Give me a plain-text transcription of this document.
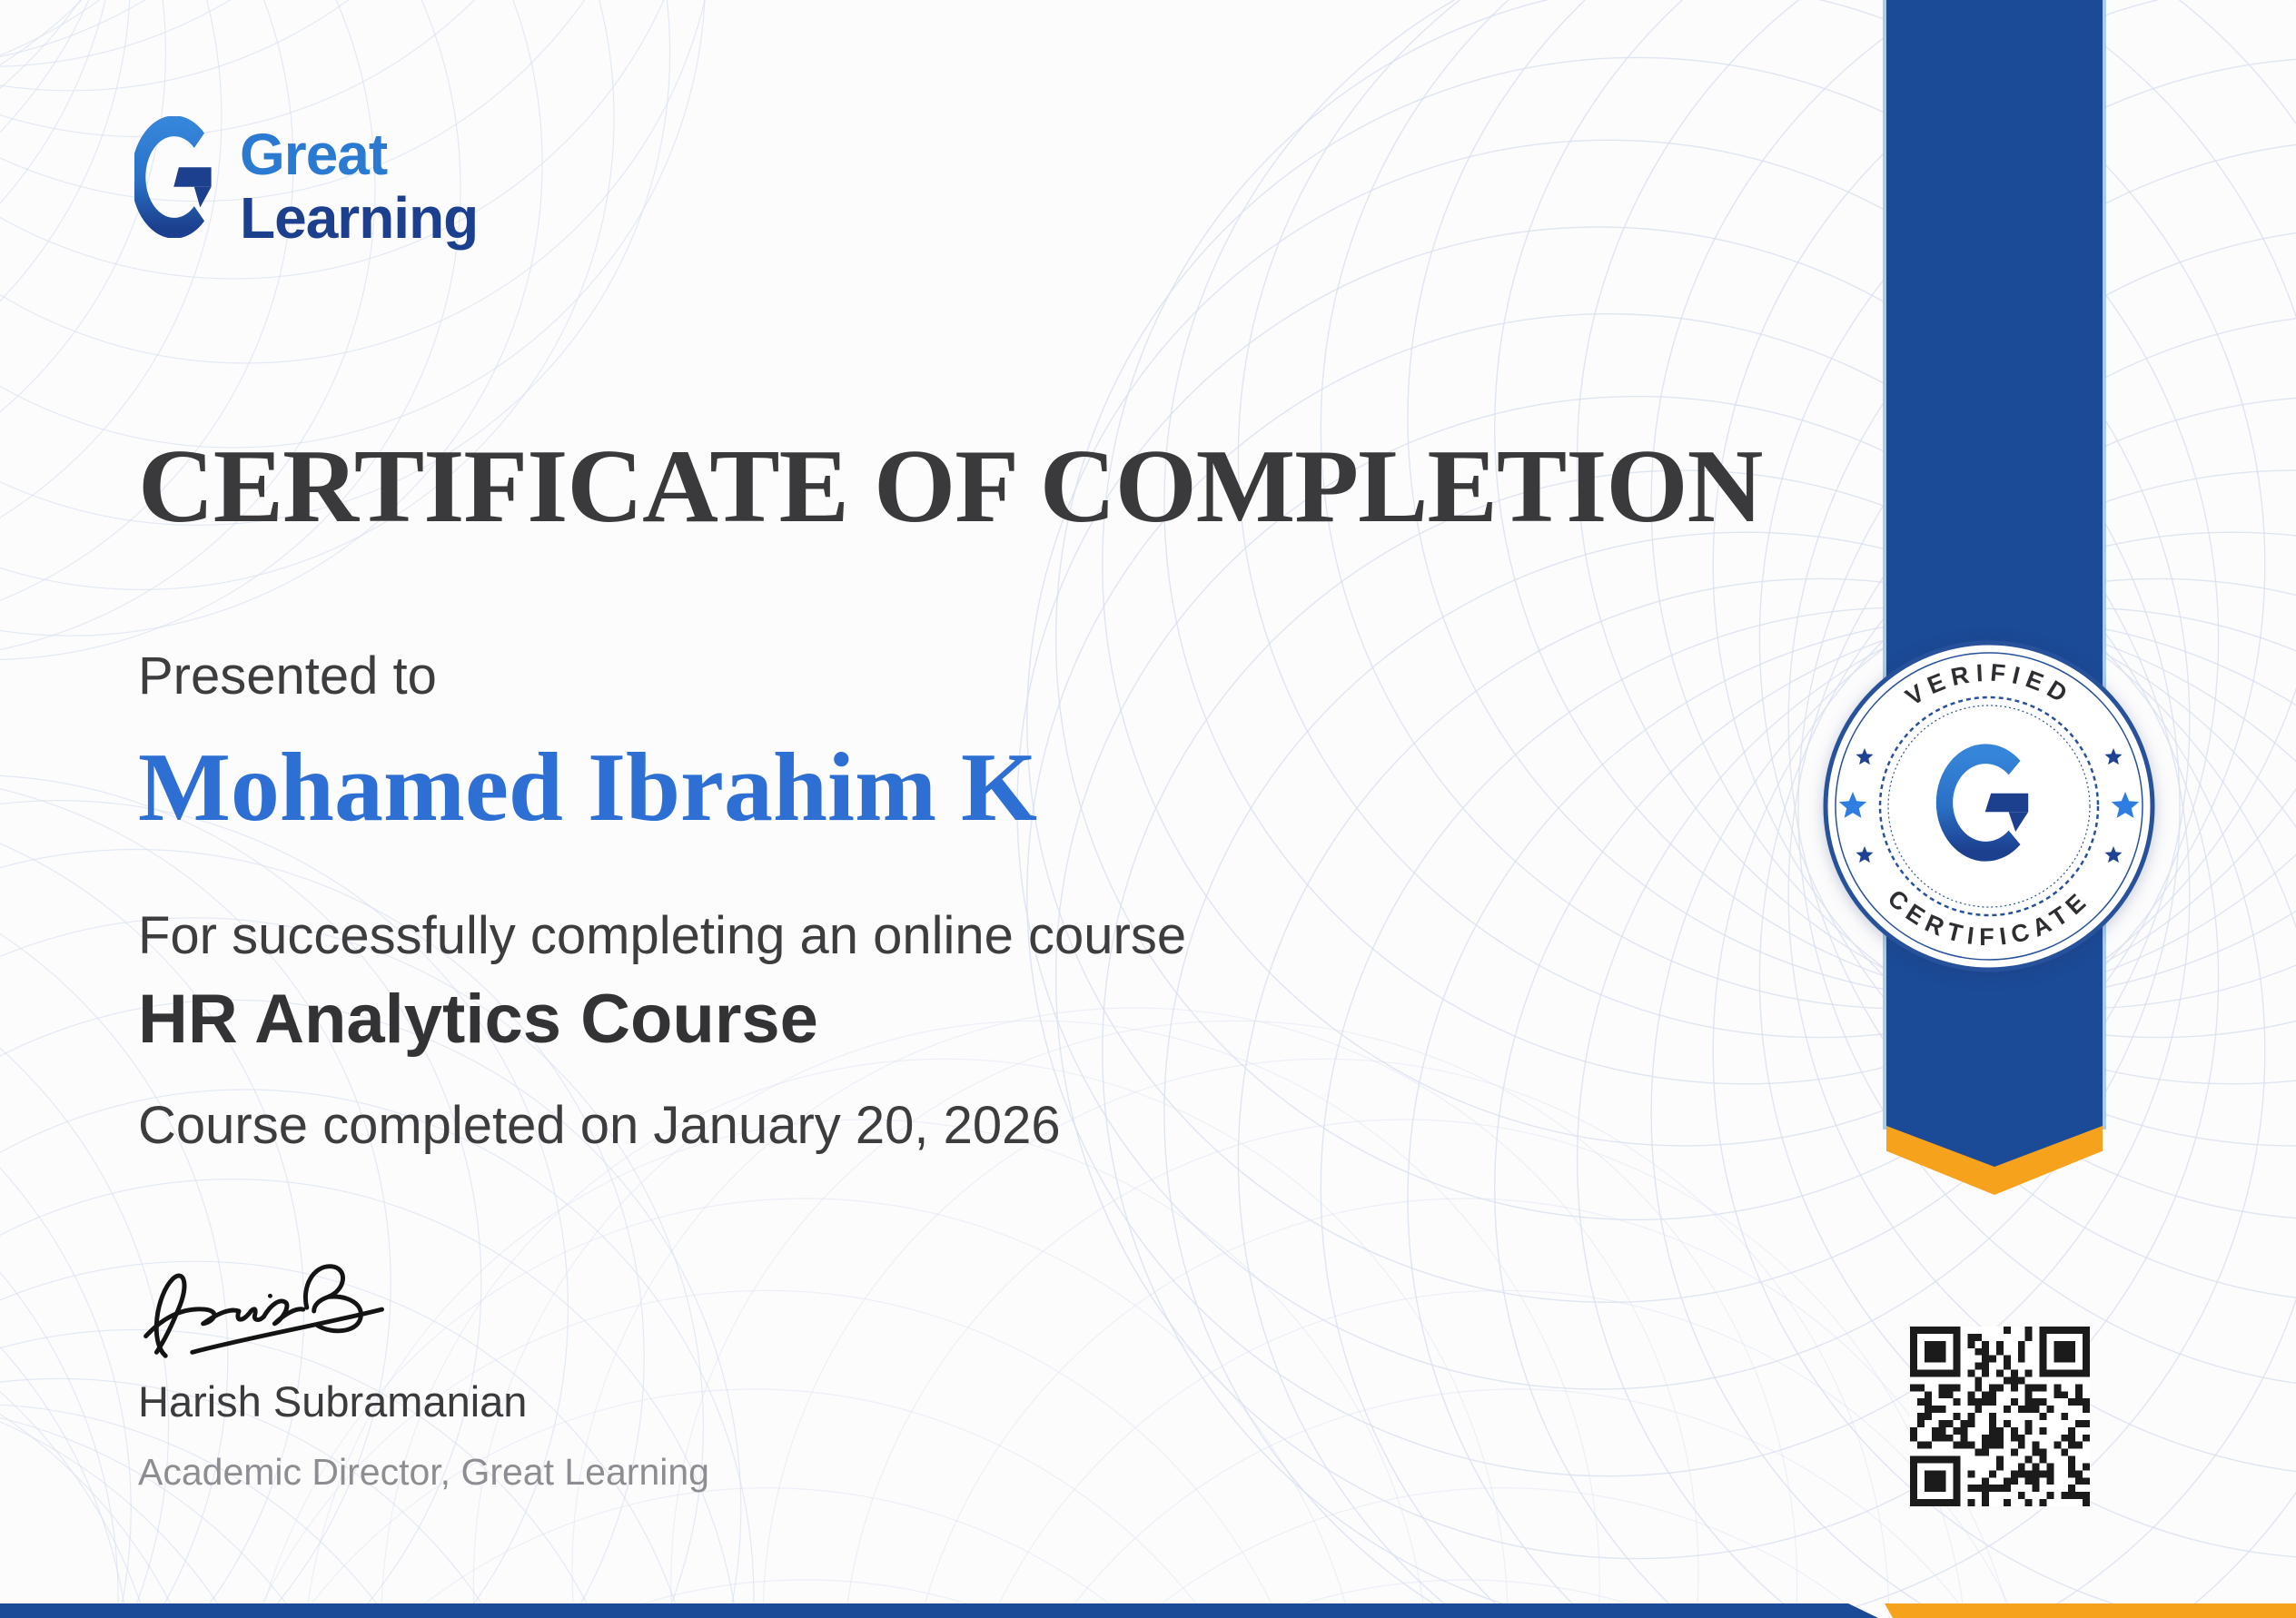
Great
Learning
CERTIFICATE OF COMPLETION

Presented to

Mohamed Ibrahim K

For successfully completing an online course

HR Analytics Course

Course completed on January 20, 2026

Harish Subramanian

Academic Director, Great Learning

VERIFIED
CERTIFICATE
